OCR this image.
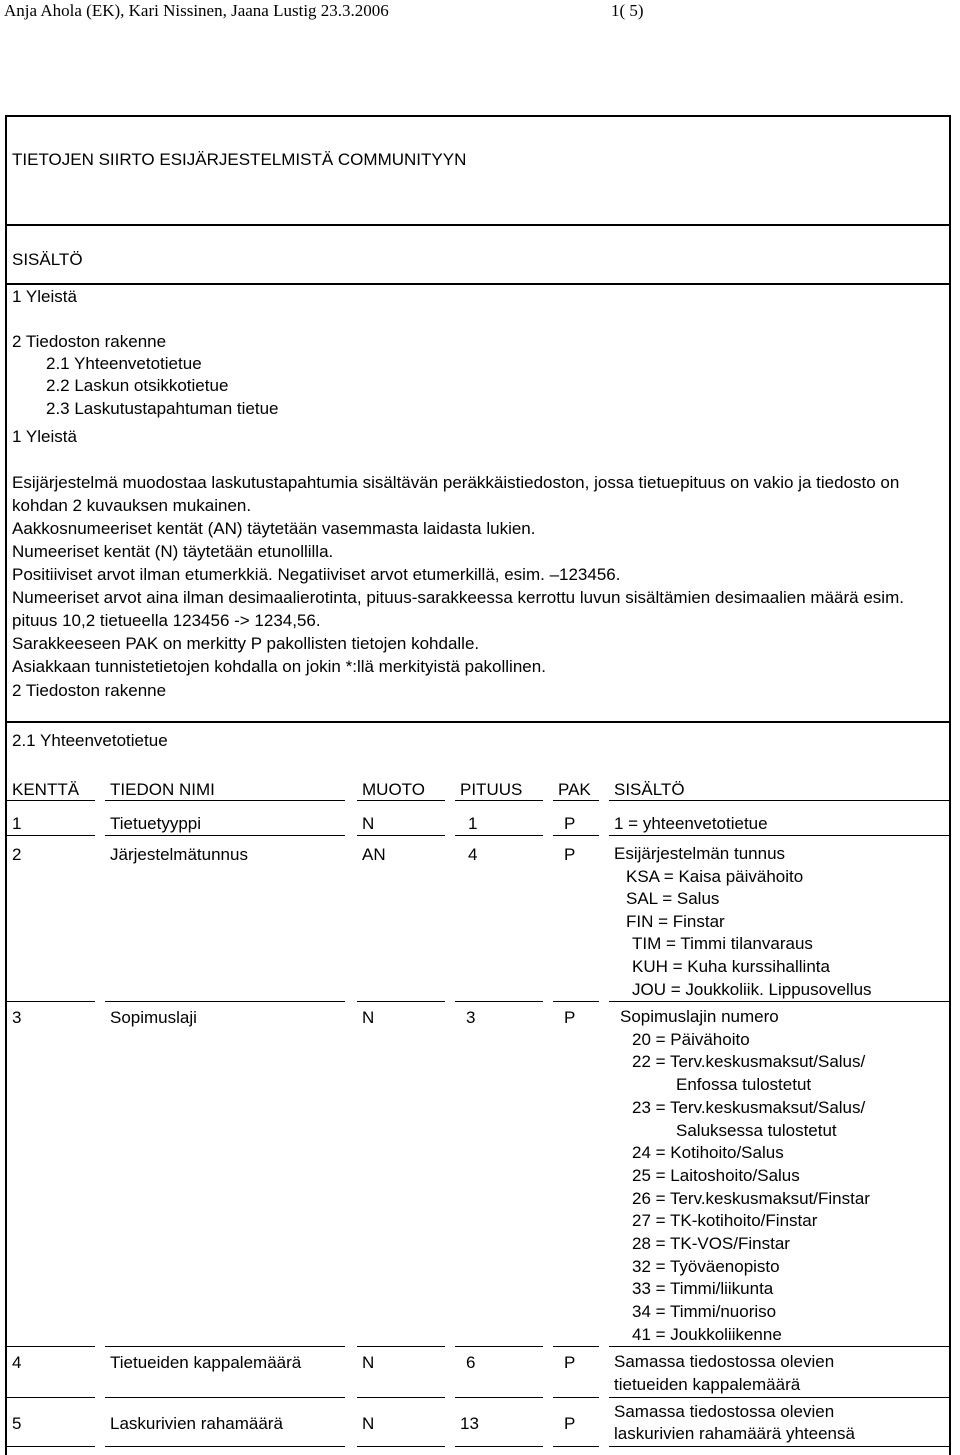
Anja Ahola (EK), Kari Nissinen, Jaana Lustig 23.3.2006	1( 5)
TIETOJEN SIIRTO ESIJÄRJESTELMISTÄ COMMUNITYYN
SISÄLTÖ
1 Yleistä
2 Tiedoston rakenne
2.1 Yhteenvetotietue
2.2 Laskun otsikkotietue
2.3 Laskutustapahtuman tietue
1 Yleistä
Esijärjestelmä muodostaa laskutustapahtumia sisältävän peräkkäistiedoston, jossa tietuepituus on vakio ja tiedosto on kohdan 2 kuvauksen mukainen.
Aakkosnumeeriset kentät (AN) täytetään vasemmasta laidasta lukien.
Numeeriset kentät (N) täytetään etunollilla.
Positiiviset arvot ilman etumerkkiä. Negatiiviset arvot etumerkillä, esim. –123456.
Numeeriset arvot aina ilman desimaalierotinta, pituus-sarakkeessa kerrottu luvun sisältämien desimaalien määrä esim. pituus 10,2 tietueella 123456 -> 1234,56.
Sarakkeeseen PAK on merkitty P pakollisten tietojen kohdalle.
Asiakkaan tunnistetietojen kohdalla on jokin *:llä merkityistä pakollinen.
2 Tiedoston rakenne
2.1 Yhteenvetotietue
KENTTÄ TIEDON NIMI	MUOTO PITUUS PAK SISÄLTÖ
1	Tietuetyyppi	N	1	P 1 = yhteenvetotietue
2	Järjestelmätunnus	AN	4	P Esijärjestelmän tunnus
KSA = Kaisa päivähoito
SAL = Salus
FIN = Finstar
TIM = Timmi tilanvaraus
KUH = Kuha kurssihallinta
JOU = Joukkoliik. Lippusovellus
3	Sopimuslaji	N	3	P	Sopimuslajin numero
20 = Päivähoito
22 = Terv.keskusmaksut/Salus/
Enfossa tulostetut
23 = Terv.keskusmaksut/Salus/
Saluksessa tulostetut
24 = Kotihoito/Salus
25 = Laitoshoito/Salus
26 = Terv.keskusmaksut/Finstar
27 = TK-kotihoito/Finstar
28 = TK-VOS/Finstar
32 = Työväenopisto
33 = Timmi/liikunta
34 = Timmi/nuoriso
41 = Joukkoliikenne
4	Tietueiden kappalemäärä	N	6	P Samassa tiedostossa olevien
tietueiden kappalemäärä
5	Laskurivien rahamäärä	N	13	P
Samassa tiedostossa olevien
laskurivien rahamäärä yhteensä
